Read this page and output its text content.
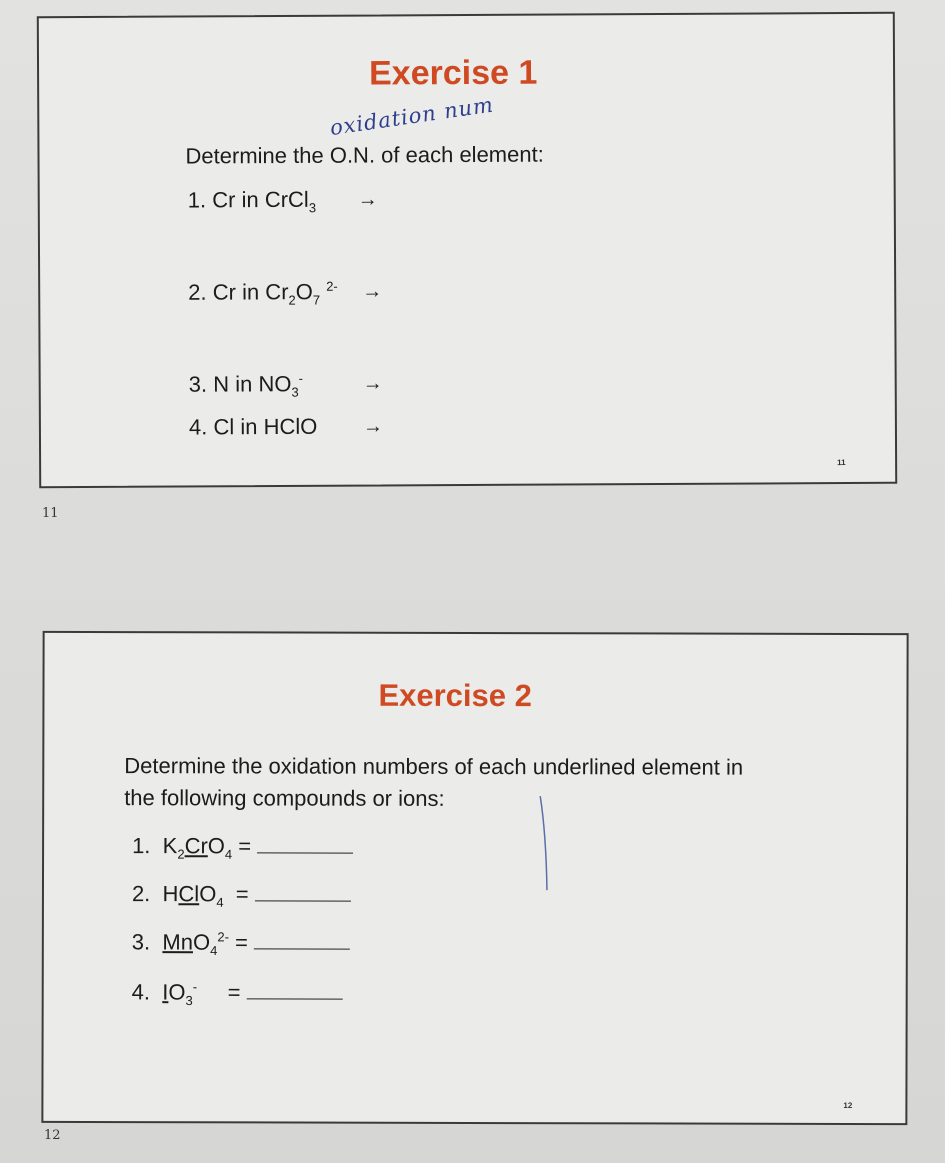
Exercise 1
oxidation num
Determine the O.N. of each element:
1. Cr in CrCl$_3$ →
2. Cr in $Cr_2O_7$ $^{2-}$ →
3. N in $NO_3^-$	→
4. Cl in HClO →
11
11
Exercise 2
Determine the oxidation numbers of each underlined element in
the following compounds or ions:
1. $K_2CrO_4$ =
2. HClO$_4$ =
3. MnO$_4^{2-}$ =
4. $IO_3^-$ =
12
12
